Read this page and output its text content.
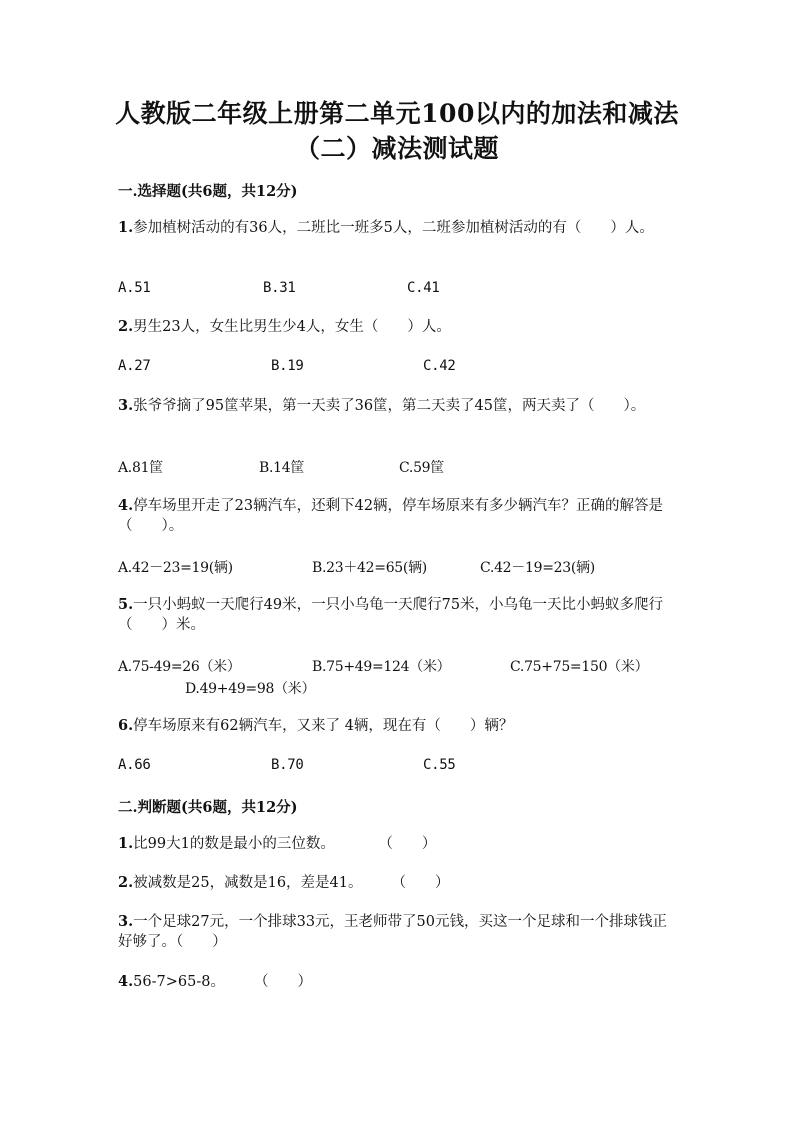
人教版二年级上册第二单元100以内的加法和减法
（二）减法测试题
一.选择题(共6题，共12分)
1.参加植树活动的有36人，二班比一班多5人，二班参加植树活动的有（　　）人。
A.51	B.31	C.41
2.男生23人，女生比男生少4人，女生（　　）人。
A.27	B.19	C.42
3.张爷爷摘了95筐苹果，第一天卖了36筐，第二天卖了45筐，两天卖了（　　）。
A.81筐	B.14筐	C.59筐
4.停车场里开走了23辆汽车，还剩下42辆，停车场原来有多少辆汽车？正确的解答是（　　）。
A.42－23=19(辆)	B.23＋42=65(辆)	C.42－19=23(辆)
5.一只小蚂蚁一天爬行49米，一只小乌龟一天爬行75米，小乌龟一天比小蚂蚁多爬行（　　）米。
A.75-49=26（米）	B.75+49=124（米）	C.75+75=150（米）
D.49+49=98（米）
6.停车场原来有62辆汽车，又来了 4辆，现在有（　　）辆？
A.66	B.70	C.55
二.判断题(共6题，共12分)
1.比99大1的数是最小的三位数。　　　　（　　）
2.被减数是25，减数是16，差是41。　　　（　　）
3.一个足球27元，一个排球33元，王老师带了50元钱，买这一个足球和一个排球钱正好够了。（　　）
4.56-7>65-8。　　　（　　）
